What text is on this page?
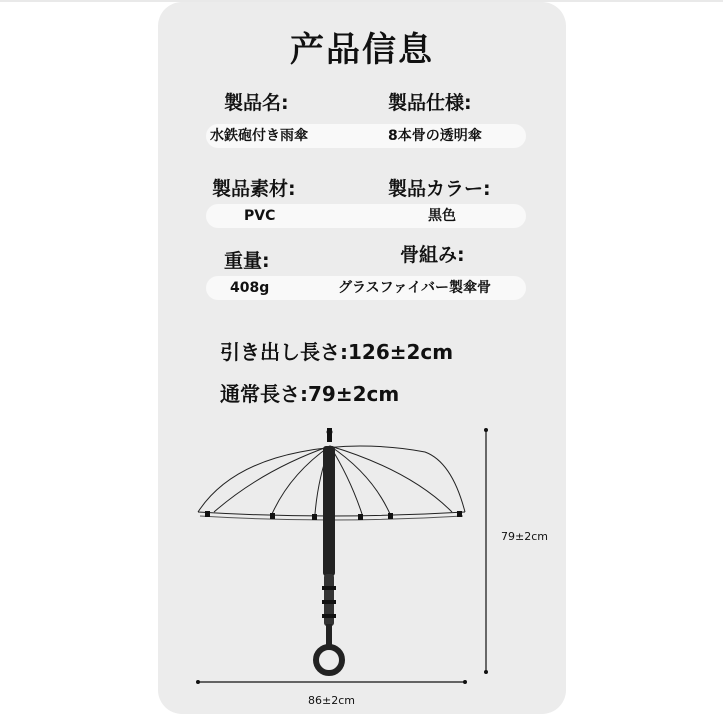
产品信息
製品名:	製品仕様:
水鉄砲付き雨傘	8本骨の透明傘
製品素材:	製品カラー:
PVC	黒色
重量:	骨組み:
408g	グラスファイバー製傘骨
引き出し長さ:126±2cm
通常長さ:79±2cm
79±2cm
86±2cm
